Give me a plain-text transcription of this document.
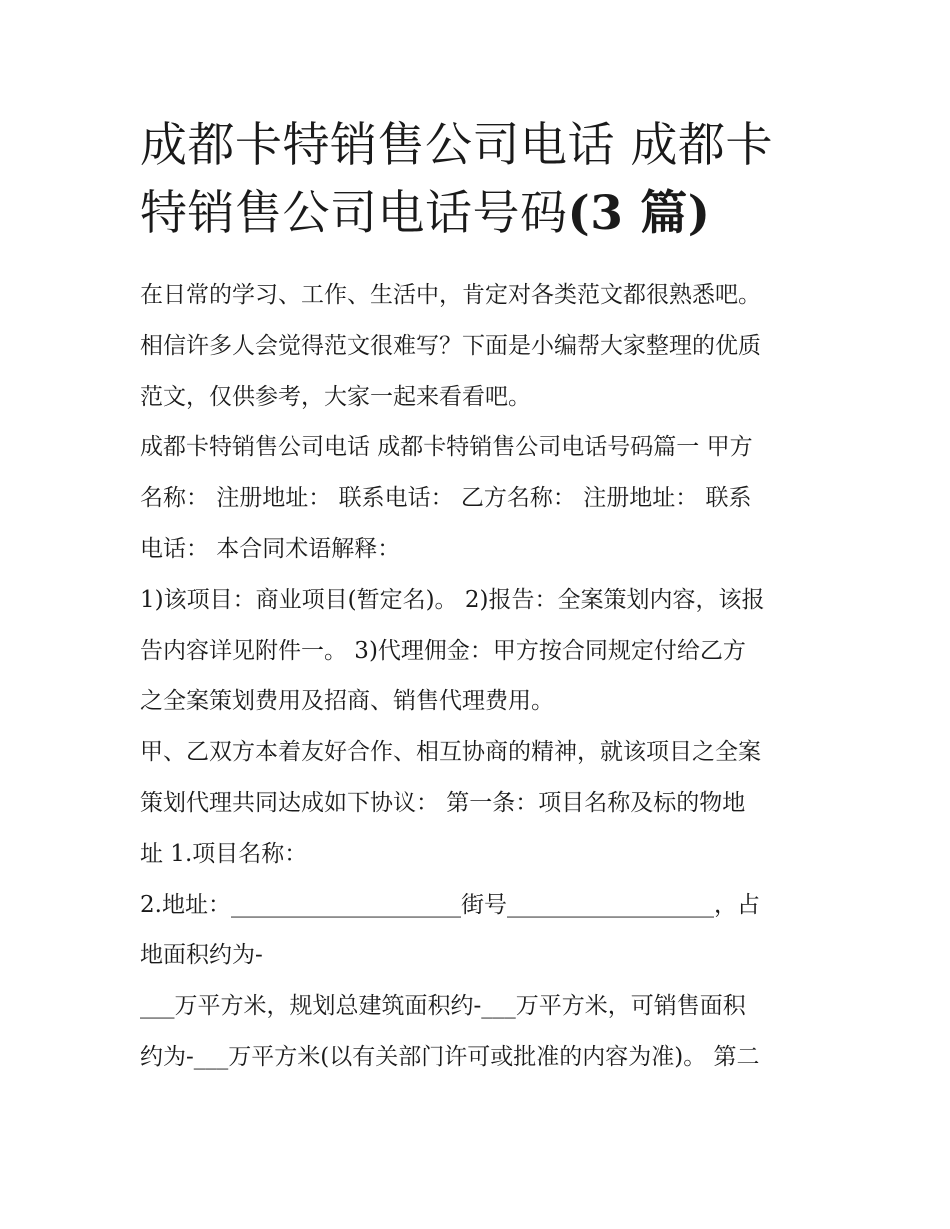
成都卡特销售公司电话 成都卡
特销售公司电话号码(3 篇)

在日常的学习、工作、生活中，肯定对各类范文都很熟悉吧。
相信许多人会觉得范文很难写？下面是小编帮大家整理的优质
范文，仅供参考，大家一起来看看吧。

成都卡特销售公司电话 成都卡特销售公司电话号码篇一 甲方
名称： 注册地址： 联系电话： 乙方名称： 注册地址： 联系
电话： 本合同术语解释：

1)该项目：商业项目(暂定名)。 2)报告：全案策划内容，该报
告内容详见附件一。 3)代理佣金：甲方按合同规定付给乙方
之全案策划费用及招商、销售代理费用。

甲、乙双方本着友好合作、相互协商的精神，就该项目之全案
策划代理共同达成如下协议： 第一条：项目名称及标的物地
址 1.项目名称：

2.地址：____________________街号__________________，占
地面积约为-

___万平方米，规划总建筑面积约-___万平方米，可销售面积
约为-___万平方米(以有关部门许可或批准的内容为准)。 第二
